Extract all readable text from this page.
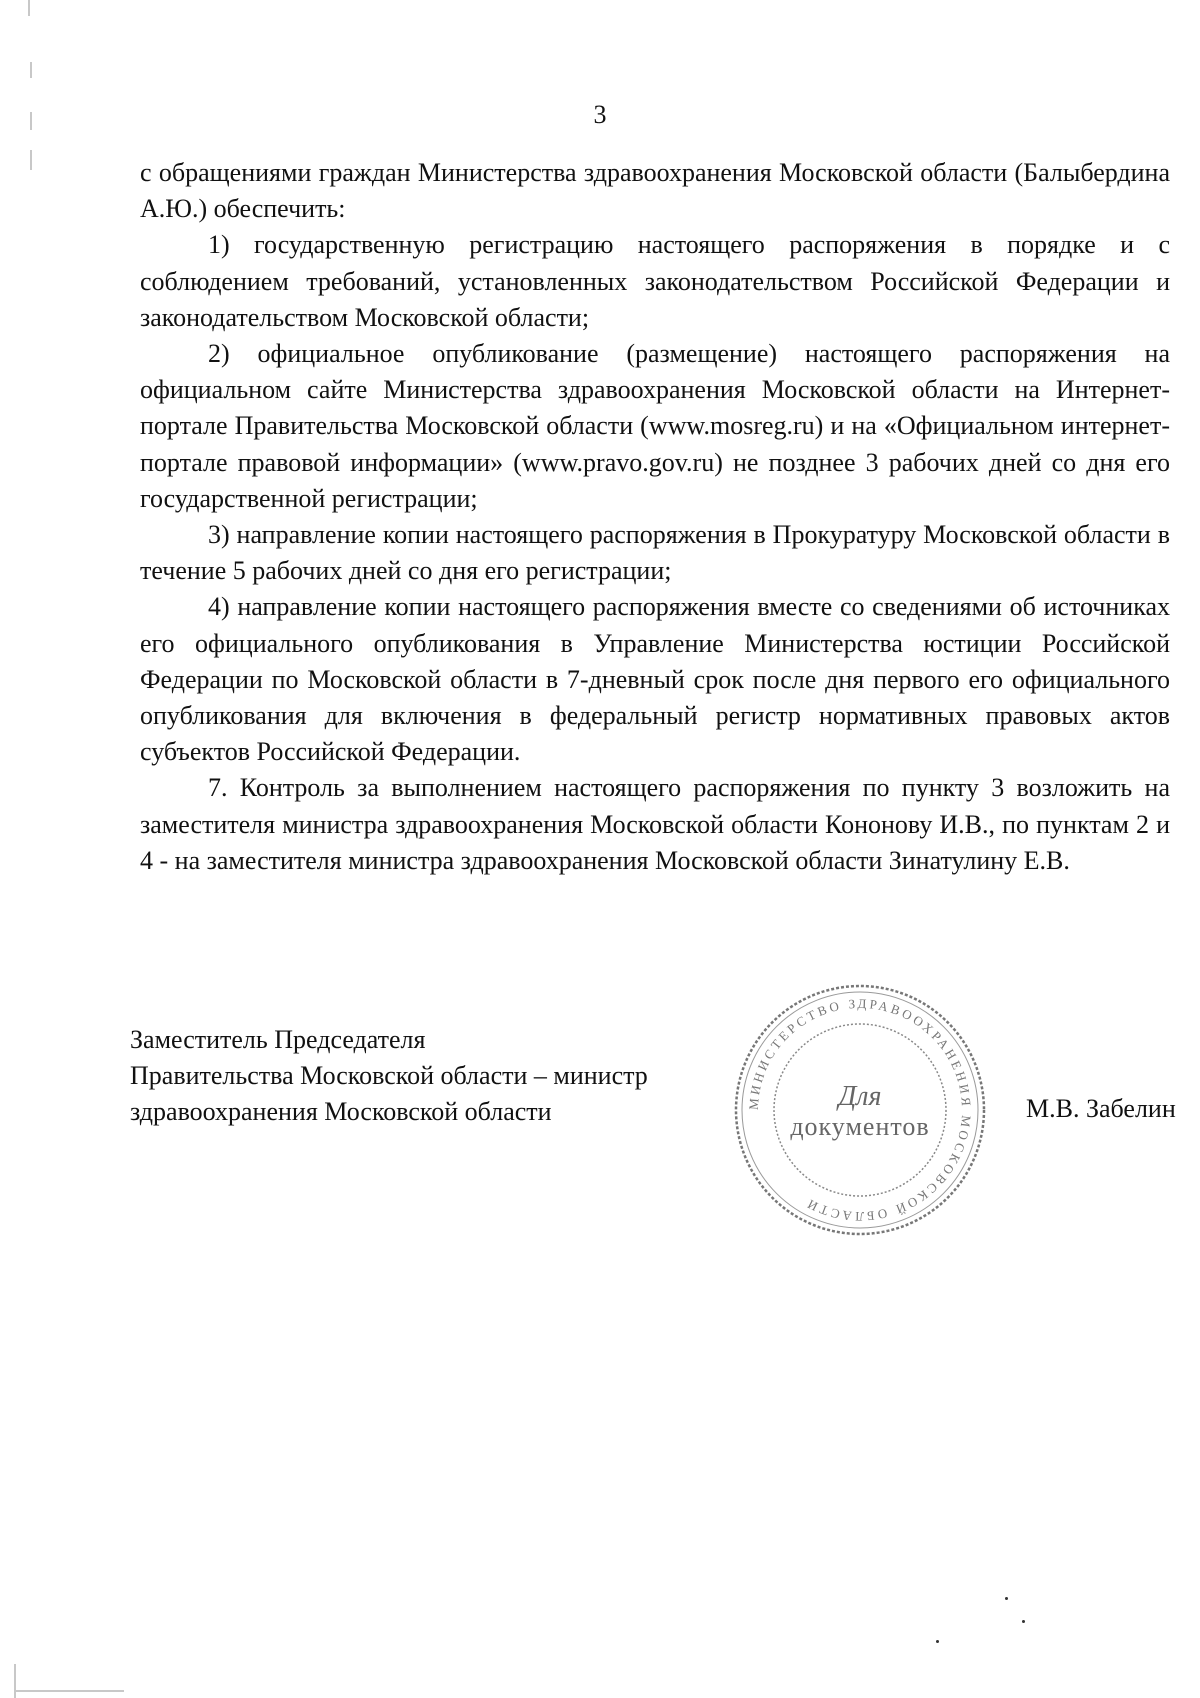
3

с обращениями граждан Министерства здравоохранения Московской области (Балыбердина А.Ю.) обеспечить:

1) государственную регистрацию настоящего распоряжения в порядке и с соблюдением требований, установленных законодательством Российской Федерации и законодательством Московской области;

2) официальное опубликование (размещение) настоящего распоряжения на официальном сайте Министерства здравоохранения Московской области на Интернет-портале Правительства Московской области (www.mosreg.ru) и на «Официальном интернет-портале правовой информации» (www.pravo.gov.ru) не позднее 3 рабочих дней со дня его государственной регистрации;

3) направление копии настоящего распоряжения в Прокуратуру Московской области в течение 5 рабочих дней со дня его регистрации;

4) направление копии настоящего распоряжения вместе со сведениями об источниках его официального опубликования в Управление Министерства юстиции Российской Федерации по Московской области в 7-дневный срок после дня первого его официального опубликования для включения в федеральный регистр нормативных правовых актов субъектов Российской Федерации.

7. Контроль за выполнением настоящего распоряжения по пункту 3 возложить на заместителя министра здравоохранения Московской области Кононову И.В., по пунктам 2 и 4 - на заместителя министра здравоохранения Московской области Зинатулину Е.В.

Заместитель Председателя
Правительства Московской области – министр
здравоохранения Московской области	МИНИСТЕРСТВО ЗДРАВООХРАНЕНИЯ МОСКОВСКОЙ ОБЛАСТИ
Для
документов
М.В. Забелин
